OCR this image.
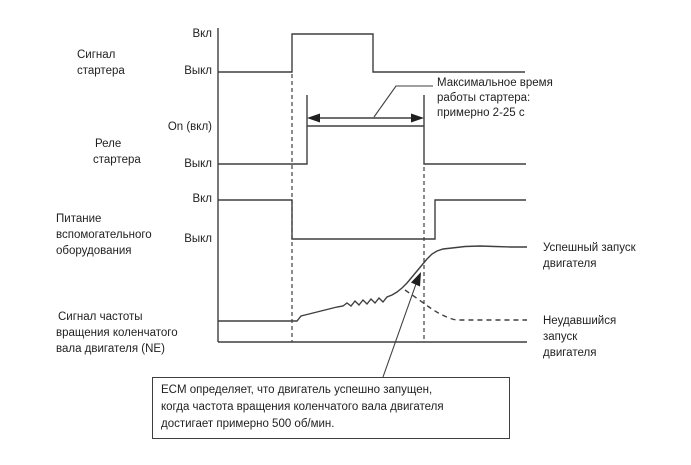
Сигнал
стартера
Реле
стартера
Питание
вспомогательного
оборудования
Сигнал частоты
вращения коленчатого
вала двигателя (NE)
Вкл
Выкл
On (вкл)
Выкл
Вкл
Выкл
Максимальное время
работы стартера:
примерно 2-25 с
Успешный запуск
двигателя
Неудавшийся
запуск
двигателя
ECM определяет, что двигатель успешно запущен,
когда частота вращения коленчатого вала двигателя
достигает примерно 500 об/мин.
